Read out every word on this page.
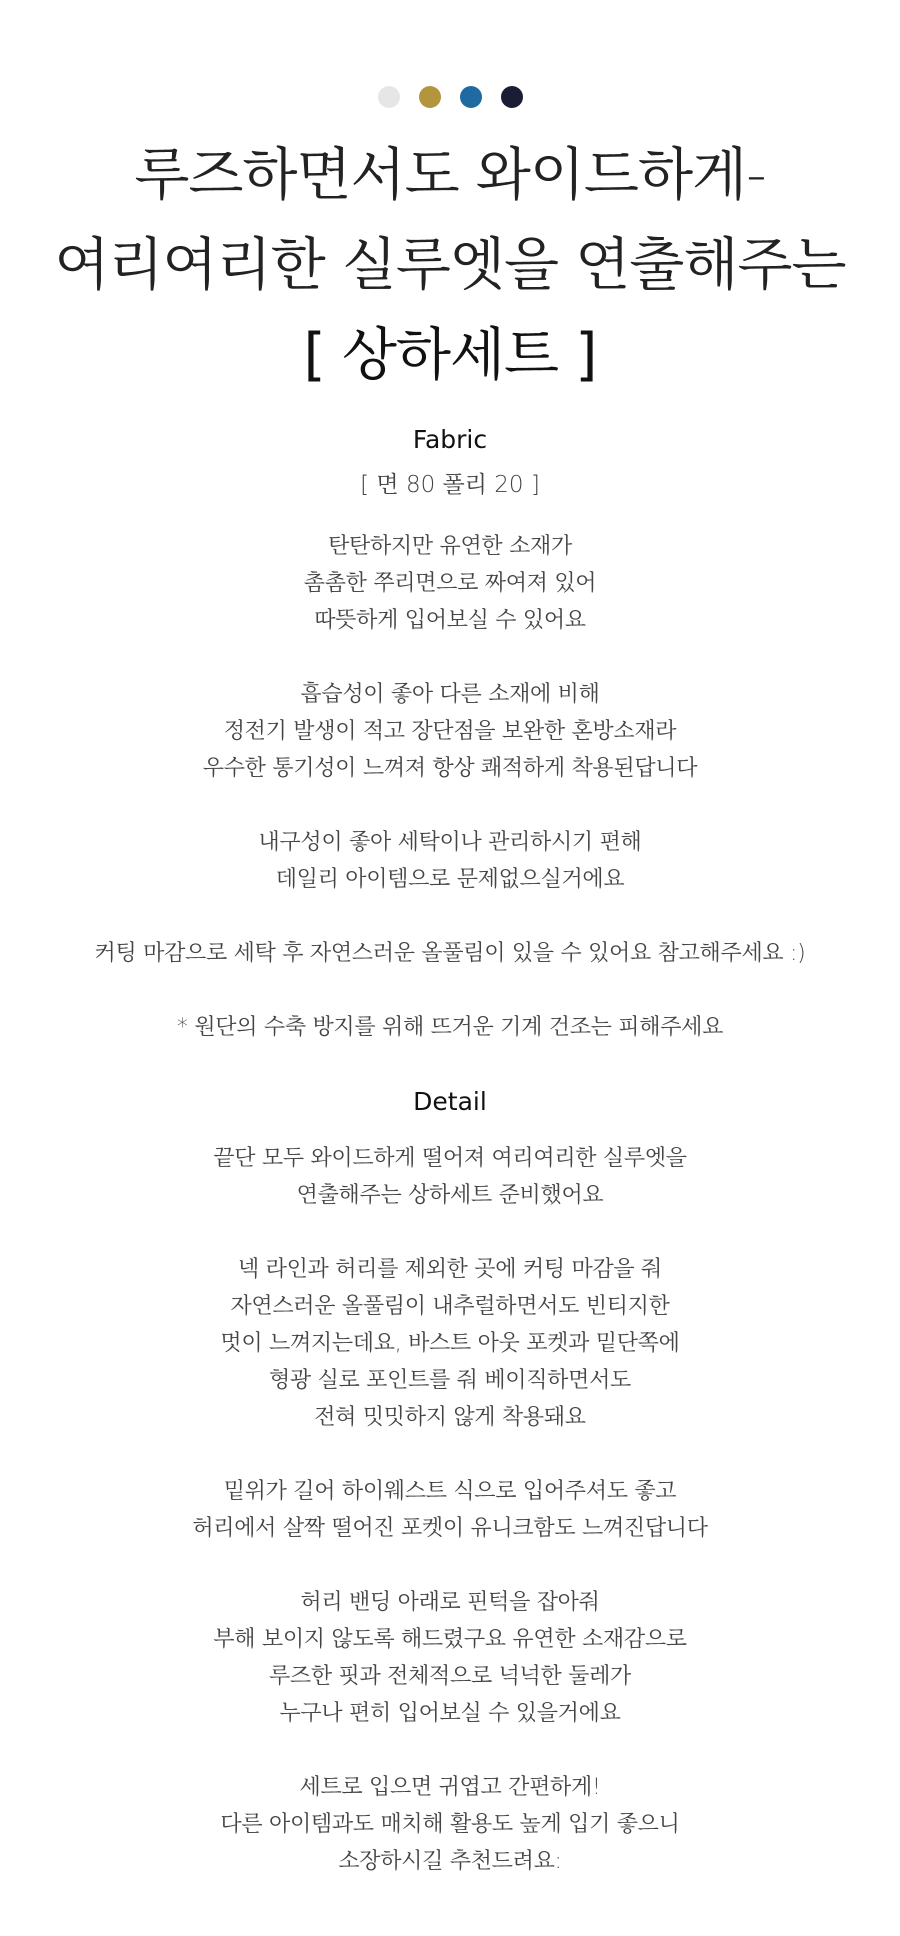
루즈하면서도 와이드하게-
여리여리한 실루엣을 연출해주는
[ 상하세트 ]
Fabric
[ 면 80 폴리 20 ]
탄탄하지만 유연한 소재가
촘촘한 쭈리면으로 짜여져 있어
따뜻하게 입어보실 수 있어요
흡습성이 좋아 다른 소재에 비해
정전기 발생이 적고 장단점을 보완한 혼방소재라
우수한 통기성이 느껴져 항상 쾌적하게 착용된답니다
내구성이 좋아 세탁이나 관리하시기 편해
데일리 아이템으로 문제없으실거에요
커팅 마감으로 세탁 후 자연스러운 올풀림이 있을 수 있어요 참고해주세요 :)
* 원단의 수축 방지를 위해 뜨거운 기계 건조는 피해주세요
Detail
끝단 모두 와이드하게 떨어져 여리여리한 실루엣을
연출해주는 상하세트 준비했어요
넥 라인과 허리를 제외한 곳에 커팅 마감을 줘
자연스러운 올풀림이 내추럴하면서도 빈티지한
멋이 느껴지는데요, 바스트 아웃 포켓과 밑단쪽에
형광 실로 포인트를 줘 베이직하면서도
전혀 밋밋하지 않게 착용돼요
밑위가 길어 하이웨스트 식으로 입어주셔도 좋고
허리에서 살짝 떨어진 포켓이 유니크함도 느껴진답니다
허리 밴딩 아래로 핀턱을 잡아줘
부해 보이지 않도록 해드렸구요 유연한 소재감으로
루즈한 핏과 전체적으로 넉넉한 둘레가
누구나 편히 입어보실 수 있을거에요
세트로 입으면 귀엽고 간편하게!
다른 아이템과도 매치해 활용도 높게 입기 좋으니
소장하시길 추천드려요:
